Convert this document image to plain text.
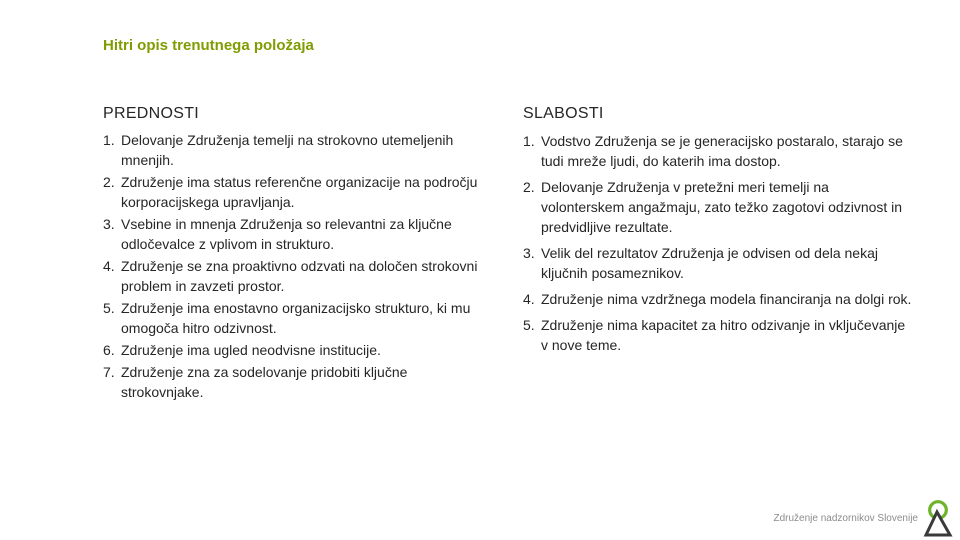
Hitri opis trenutnega položaja
PREDNOSTI
Delovanje Združenja temelji na strokovno utemeljenih mnenjih.
Združenje ima status referenčne organizacije na področju korporacijskega upravljanja.
Vsebine in mnenja Združenja so relevantni za ključne odločevalce z vplivom in strukturo.
Združenje se zna proaktivno odzvati na določen strokovni problem in zavzeti prostor.
Združenje ima enostavno organizacijsko strukturo, ki mu omogoča hitro odzivnost.
Združenje ima ugled neodvisne institucije.
Združenje zna za sodelovanje pridobiti ključne strokovnjake.
SLABOSTI
Vodstvo Združenja se je generacijsko postaralo, starajo se tudi mreže ljudi, do katerih ima dostop.
Delovanje Združenja v pretežni meri temelji na volonterskem angažmaju, zato težko zagotovi odzivnost in predvidljive rezultate.
Velik del rezultatov Združenja je odvisen od dela nekaj ključnih posameznikov.
Združenje nima vzdržnega modela financiranja na dolgi rok.
Združenje nima kapacitet za hitro odzivanje in vključevanje v nove teme.
Združenje nadzornikov Slovenije
